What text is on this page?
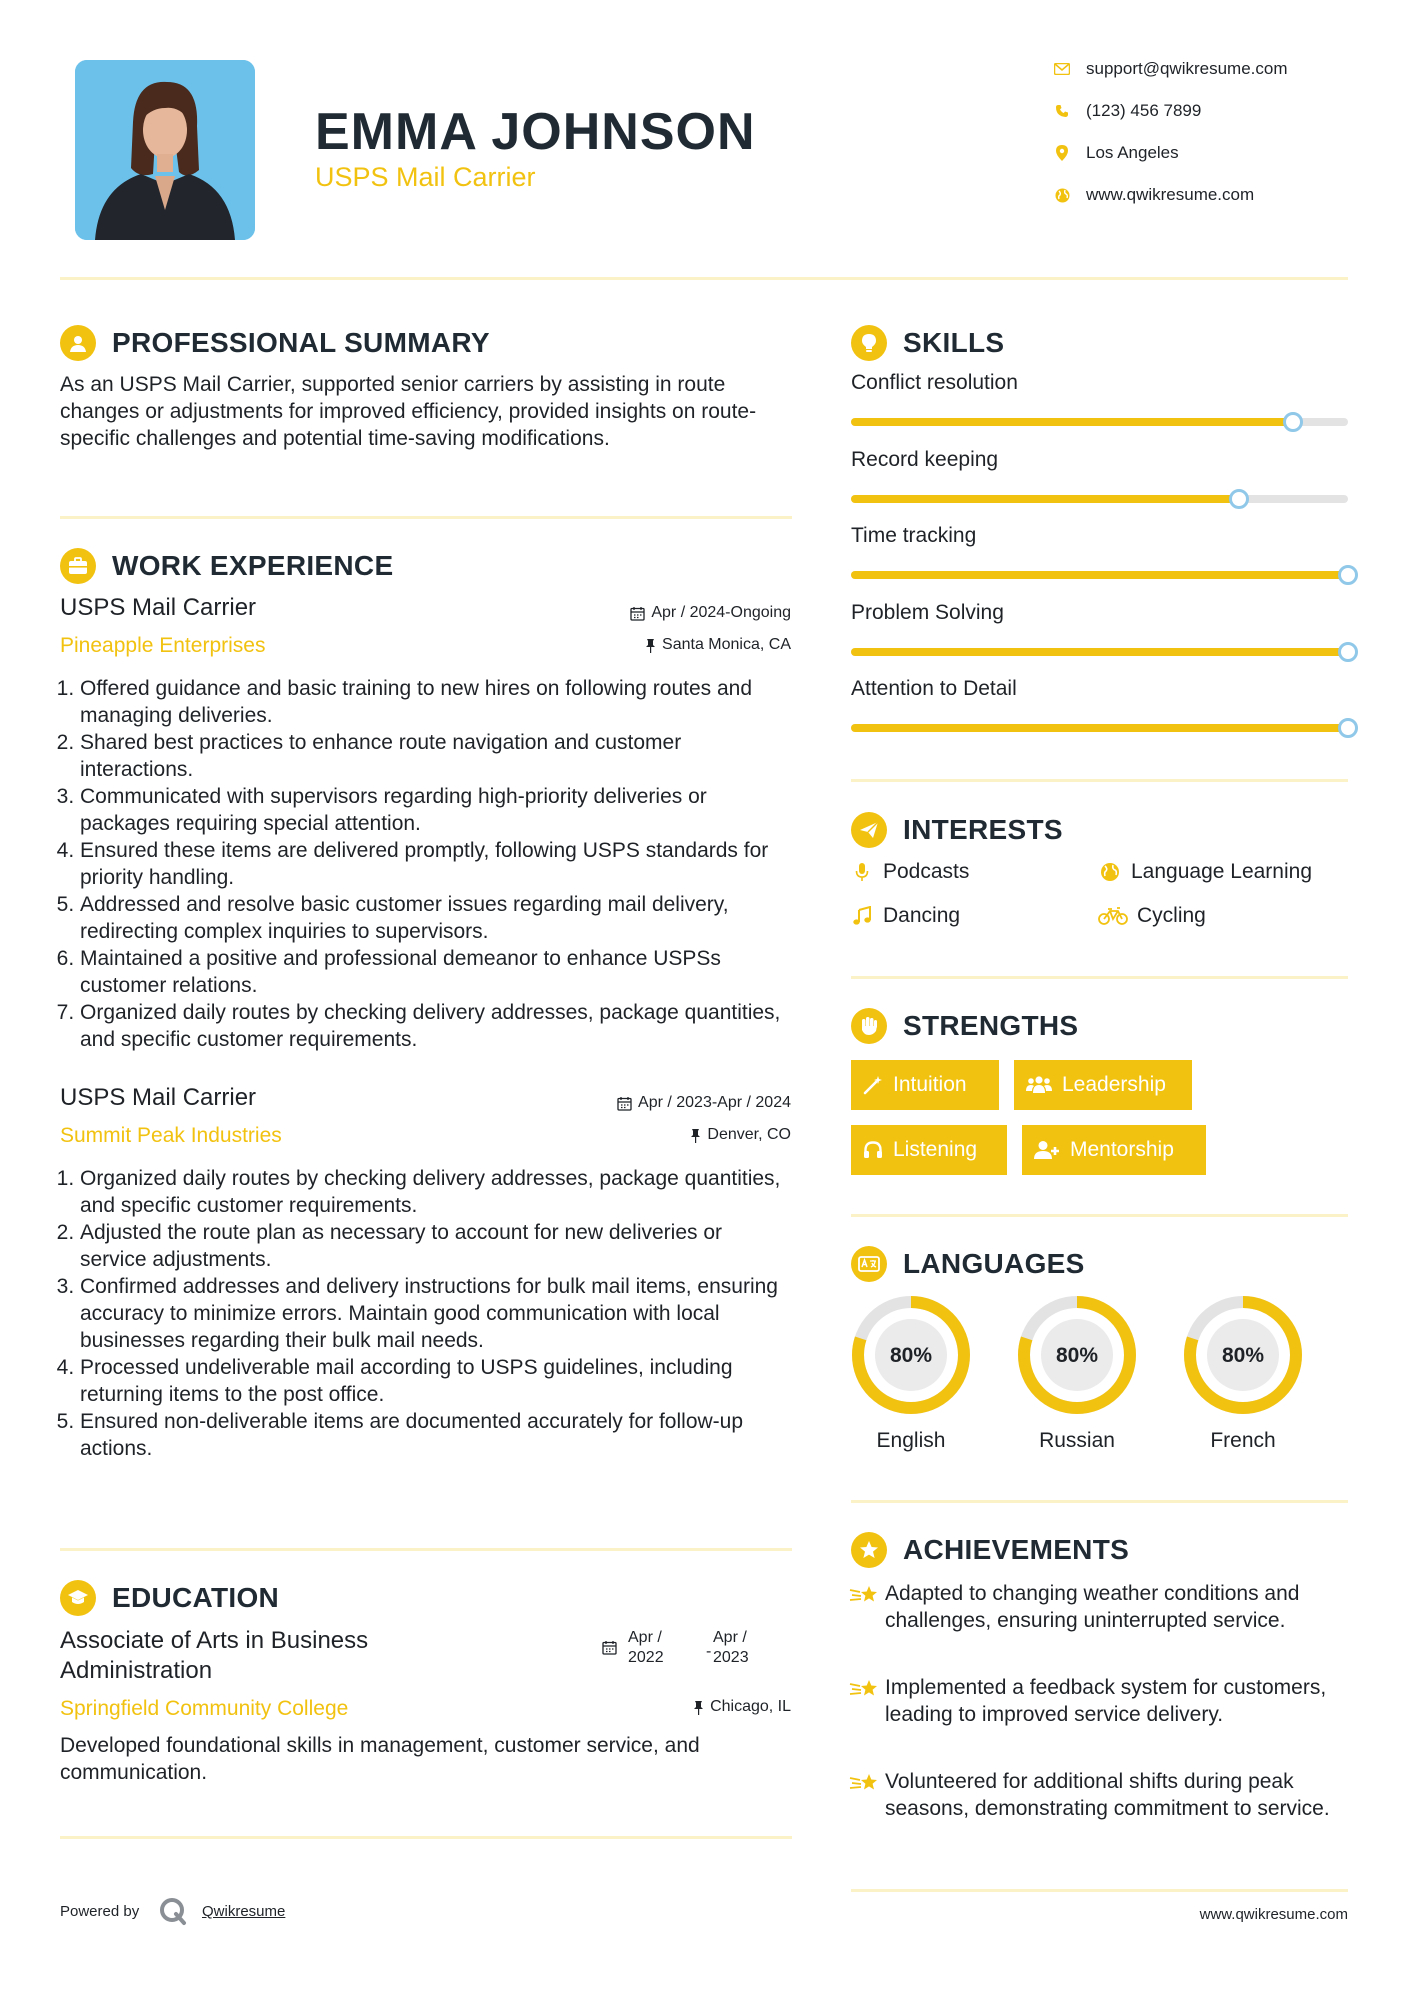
EMMA JOHNSON
USPS Mail Carrier
support@qwikresume.com
(123) 456 7899
Los Angeles
www.qwikresume.com
PROFESSIONAL SUMMARY
As an USPS Mail Carrier, supported senior carriers by assisting in route changes or adjustments for improved efficiency, provided insights on route-specific challenges and potential time-saving modifications.
WORK EXPERIENCE
USPS Mail Carrier
Pineapple Enterprises
Apr / 2024-Ongoing
Santa Monica, CA
1. Offered guidance and basic training to new hires on following routes and managing deliveries.
2. Shared best practices to enhance route navigation and customer interactions.
3. Communicated with supervisors regarding high-priority deliveries or packages requiring special attention.
4. Ensured these items are delivered promptly, following USPS standards for priority handling.
5. Addressed and resolve basic customer issues regarding mail delivery, redirecting complex inquiries to supervisors.
6. Maintained a positive and professional demeanor to enhance USPSs customer relations.
7. Organized daily routes by checking delivery addresses, package quantities, and specific customer requirements.
USPS Mail Carrier
Summit Peak Industries
Apr / 2023-Apr / 2024
Denver, CO
1. Organized daily routes by checking delivery addresses, package quantities, and specific customer requirements.
2. Adjusted the route plan as necessary to account for new deliveries or service adjustments.
3. Confirmed addresses and delivery instructions for bulk mail items, ensuring accuracy to minimize errors. Maintain good communication with local businesses regarding their bulk mail needs.
4. Processed undeliverable mail according to USPS guidelines, including returning items to the post office.
5. Ensured non-deliverable items are documented accurately for follow-up actions.
EDUCATION
Associate of Arts in Business Administration
Springfield Community College
Apr /
2022	-
Apr /
2023
Chicago, IL
Developed foundational skills in management, customer service, and communication.
Powered by	Qwikresume
SKILLS
Conflict resolution
Record keeping
Time tracking
Problem Solving
Attention to Detail
INTERESTS
Podcasts	Language Learning
Dancing	Cycling
STRENGTHS
Intuition	Leadership
Listening	Mentorship
LANGUAGES
80%	80%	80%
English	Russian	French
ACHIEVEMENTS
Adapted to changing weather conditions and challenges, ensuring uninterrupted service.
Implemented a feedback system for customers, leading to improved service delivery.
Volunteered for additional shifts during peak seasons, demonstrating commitment to service.
www.qwikresume.com
